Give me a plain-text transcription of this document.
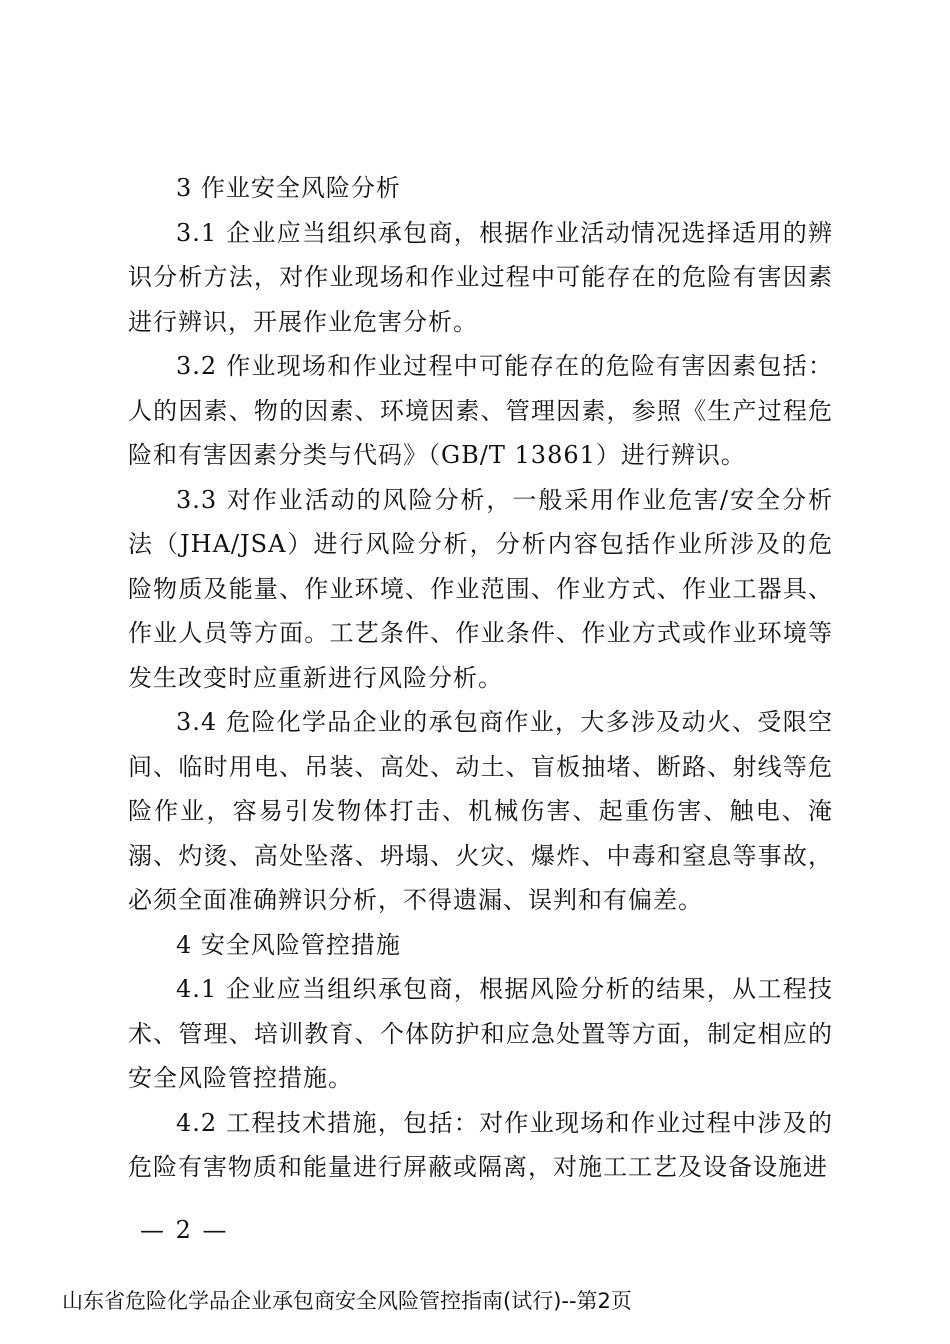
3 作业安全风险分析

3.1 企业应当组织承包商，根据作业活动情况选择适用的辨识分析方法，对作业现场和作业过程中可能存在的危险有害因素进行辨识，开展作业危害分析。

3.2 作业现场和作业过程中可能存在的危险有害因素包括：人的因素、物的因素、环境因素、管理因素，参照《生产过程危险和有害因素分类与代码》（GB/T 13861）进行辨识。

3.3 对作业活动的风险分析，一般采用作业危害/安全分析法（JHA/JSA）进行风险分析，分析内容包括作业所涉及的危险物质及能量、作业环境、作业范围、作业方式、作业工器具、作业人员等方面。工艺条件、作业条件、作业方式或作业环境等发生改变时应重新进行风险分析。

3.4 危险化学品企业的承包商作业，大多涉及动火、受限空间、临时用电、吊装、高处、动土、盲板抽堵、断路、射线等危险作业，容易引发物体打击、机械伤害、起重伤害、触电、淹溺、灼烫、高处坠落、坍塌、火灾、爆炸、中毒和窒息等事故，必须全面准确辨识分析，不得遗漏、误判和有偏差。

4 安全风险管控措施

4.1 企业应当组织承包商，根据风险分析的结果，从工程技术、管理、培训教育、个体防护和应急处置等方面，制定相应的安全风险管控措施。

4.2 工程技术措施，包括：对作业现场和作业过程中涉及的危险有害物质和能量进行屏蔽或隔离，对施工工艺及设备设施进

— 2 —
山东省危险化学品企业承包商安全风险管控指南(试行)--第2页
